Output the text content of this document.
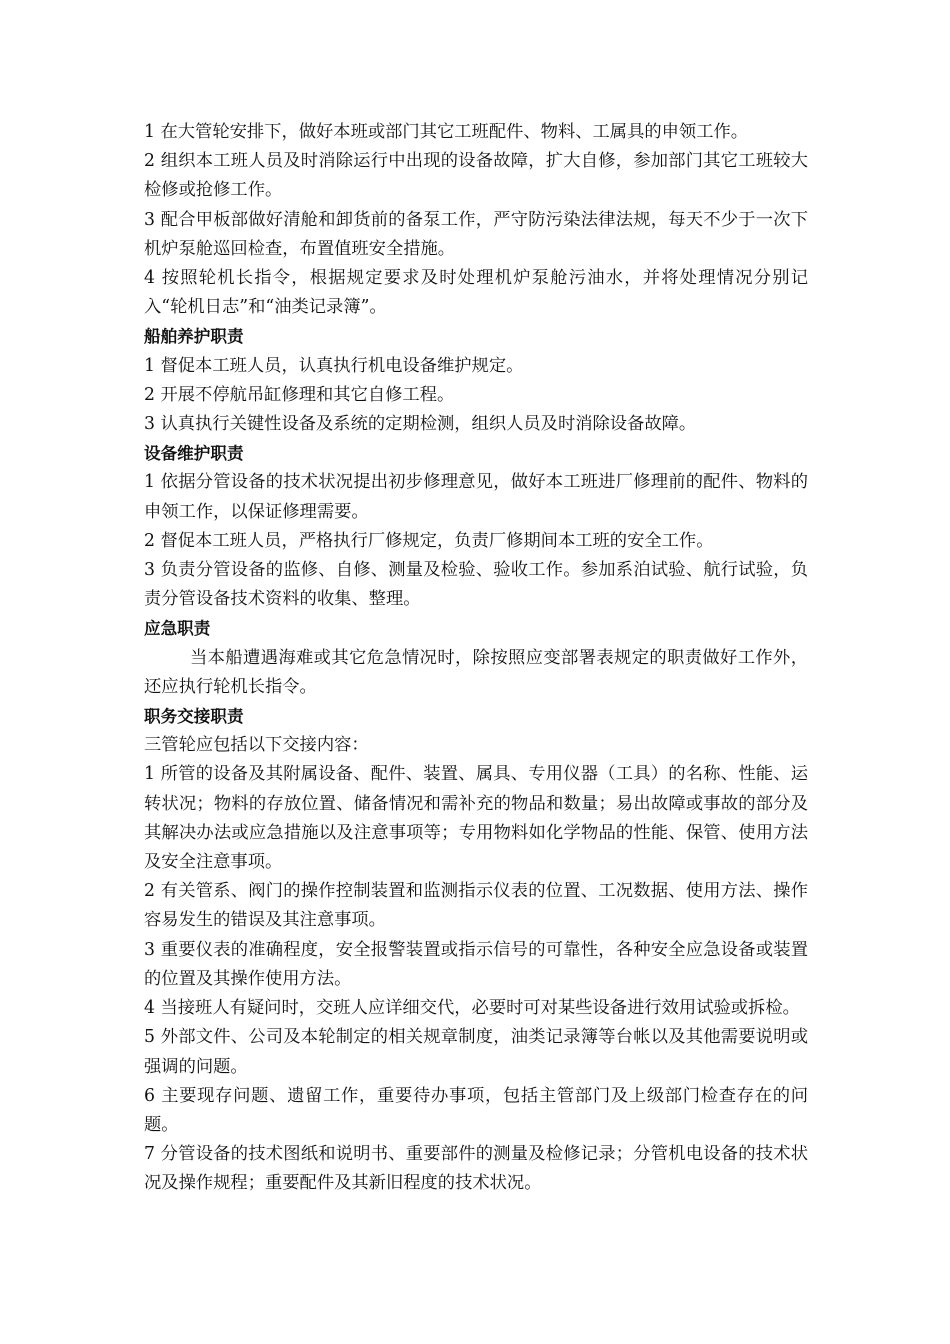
1 在大管轮安排下，做好本班或部门其它工班配件、物料、工属具的申领工作。

2 组织本工班人员及时消除运行中出现的设备故障，扩大自修，参加部门其它工班较大检修或抢修工作。

3 配合甲板部做好清舱和卸货前的备泵工作，严守防污染法律法规，每天不少于一次下机炉泵舱巡回检查，布置值班安全措施。

4 按照轮机长指令，根据规定要求及时处理机炉泵舱污油水，并将处理情况分别记入“轮机日志”和“油类记录簿”。

船舶养护职责

1 督促本工班人员，认真执行机电设备维护规定。

2 开展不停航吊缸修理和其它自修工程。

3 认真执行关键性设备及系统的定期检测，组织人员及时消除设备故障。

设备维护职责

1 依据分管设备的技术状况提出初步修理意见，做好本工班进厂修理前的配件、物料的申领工作，以保证修理需要。

2 督促本工班人员，严格执行厂修规定，负责厂修期间本工班的安全工作。

3 负责分管设备的监修、自修、测量及检验、验收工作。参加系泊试验、航行试验，负责分管设备技术资料的收集、整理。

应急职责

当本船遭遇海难或其它危急情况时，除按照应变部署表规定的职责做好工作外，还应执行轮机长指令。

职务交接职责

三管轮应包括以下交接内容：

1 所管的设备及其附属设备、配件、装置、属具、专用仪器（工具）的名称、性能、运转状况；物料的存放位置、储备情况和需补充的物品和数量；易出故障或事故的部分及其解决办法或应急措施以及注意事项等；专用物料如化学物品的性能、保管、使用方法及安全注意事项。

2 有关管系、阀门的操作控制装置和监测指示仪表的位置、工况数据、使用方法、操作容易发生的错误及其注意事项。

3 重要仪表的准确程度，安全报警装置或指示信号的可靠性，各种安全应急设备或装置的位置及其操作使用方法。

4 当接班人有疑问时，交班人应详细交代，必要时可对某些设备进行效用试验或拆检。

5 外部文件、公司及本轮制定的相关规章制度，油类记录簿等台帐以及其他需要说明或强调的问题。

6 主要现存问题、遗留工作，重要待办事项，包括主管部门及上级部门检查存在的问题。

7 分管设备的技术图纸和说明书、重要部件的测量及检修记录；分管机电设备的技术状况及操作规程；重要配件及其新旧程度的技术状况。
